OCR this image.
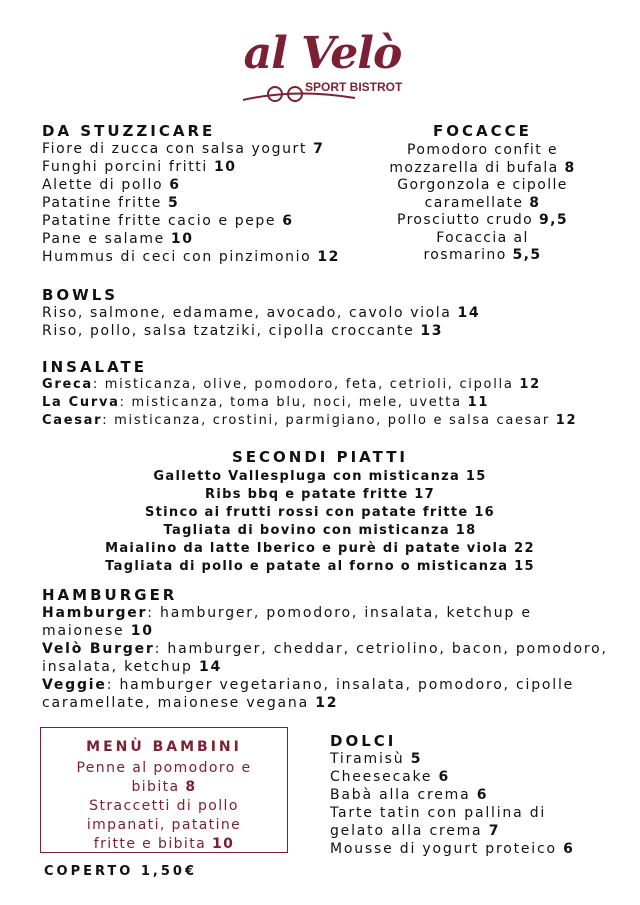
al Velò
SPORT BISTROT
DA STUZZICARE
Fiore di zucca con salsa yogurt 7
Funghi porcini fritti 10
Alette di pollo 6
Patatine fritte 5
Patatine fritte cacio e pepe 6
Pane e salame 10
Hummus di ceci con pinzimonio 12
FOCACCE
Pomodoro confit e mozzarella di bufala 8
Gorgonzola e cipolle caramellate 8
Prosciutto crudo 9,5
Focaccia al rosmarino 5,5
BOWLS
Riso, salmone, edamame, avocado, cavolo viola 14
Riso, pollo, salsa tzatziki, cipolla croccante 13
INSALATE
Greca: misticanza, olive, pomodoro, feta, cetrioli, cipolla 12
La Curva: misticanza, toma blu, noci, mele, uvetta 11
Caesar: misticanza, crostini, parmigiano, pollo e salsa caesar 12
SECONDI PIATTI
Galletto Vallespluga con misticanza 15
Ribs bbq e patate fritte 17
Stinco ai frutti rossi con patate fritte 16
Tagliata di bovino con misticanza 18
Maialino da latte Iberico e purè di patate viola 22
Tagliata di pollo e patate al forno o misticanza 15
HAMBURGER
Hamburger: hamburger, pomodoro, insalata, ketchup e maionese 10
Velò Burger: hamburger, cheddar, cetriolino, bacon, pomodoro, insalata, ketchup 14
Veggie: hamburger vegetariano, insalata, pomodoro, cipolle caramellate, maionese vegana 12
MENÙ BAMBINI
Penne al pomodoro e bibita 8
Straccetti di pollo impanati, patatine fritte e bibita 10
DOLCI
Tiramisù 5
Cheesecake 6
Babà alla crema 6
Tarte tatin con pallina di gelato alla crema 7
Mousse di yogurt proteico 6
COPERTO 1,50€
